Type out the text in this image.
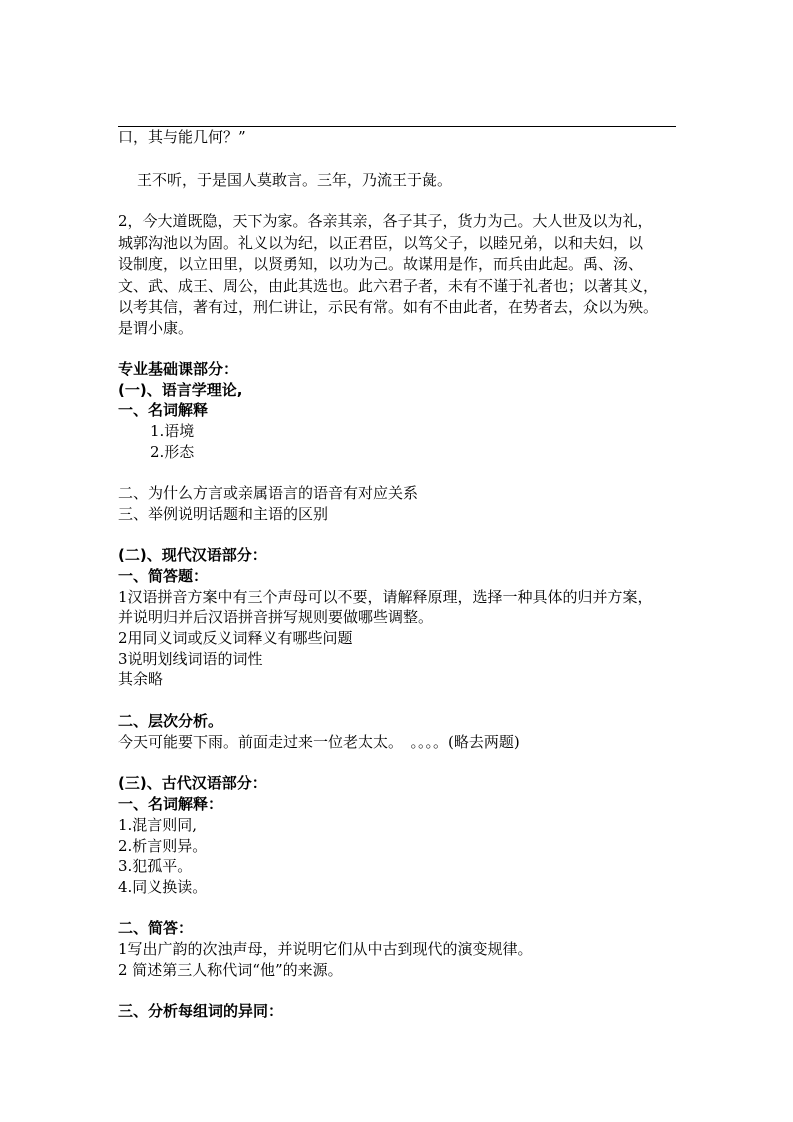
口，其与能几何？”
王不听，于是国人莫敢言。三年，乃流王于彘。
2，今大道既隐，天下为家。各亲其亲，各子其子，货力为己。大人世及以为礼，
城郭沟池以为固。礼义以为纪，以正君臣，以笃父子，以睦兄弟，以和夫妇，以
设制度，以立田里，以贤勇知，以功为己。故谋用是作，而兵由此起。禹、汤、
文、武、成王、周公，由此其选也。此六君子者，未有不谨于礼者也；以著其义，
以考其信，著有过，刑仁讲让，示民有常。如有不由此者，在势者去，众以为殃。
是谓小康。
专业基础课部分：
(一)、语言学理论,
一、名词解释
1.语境
2.形态
二、为什么方言或亲属语言的语音有对应关系
三、举例说明话题和主语的区别
(二)、现代汉语部分：
一、简答题：
1汉语拼音方案中有三个声母可以不要，请解释原理，选择一种具体的归并方案，
并说明归并后汉语拼音拼写规则要做哪些调整。
2用同义词或反义词释义有哪些问题
3说明划线词语的词性
其余略
二、层次分析。
今天可能要下雨。前面走过来一位老太太。　。。。。(略去两题)
(三)、古代汉语部分：
一、名词解释：
1.混言则同,
2.析言则异。
3.犯孤平。
4.同义换读。
二、简答：
1写出广韵的次浊声母，并说明它们从中古到现代的演变规律。
2 简述第三人称代词“他”的来源。
三、分析每组词的异同：
